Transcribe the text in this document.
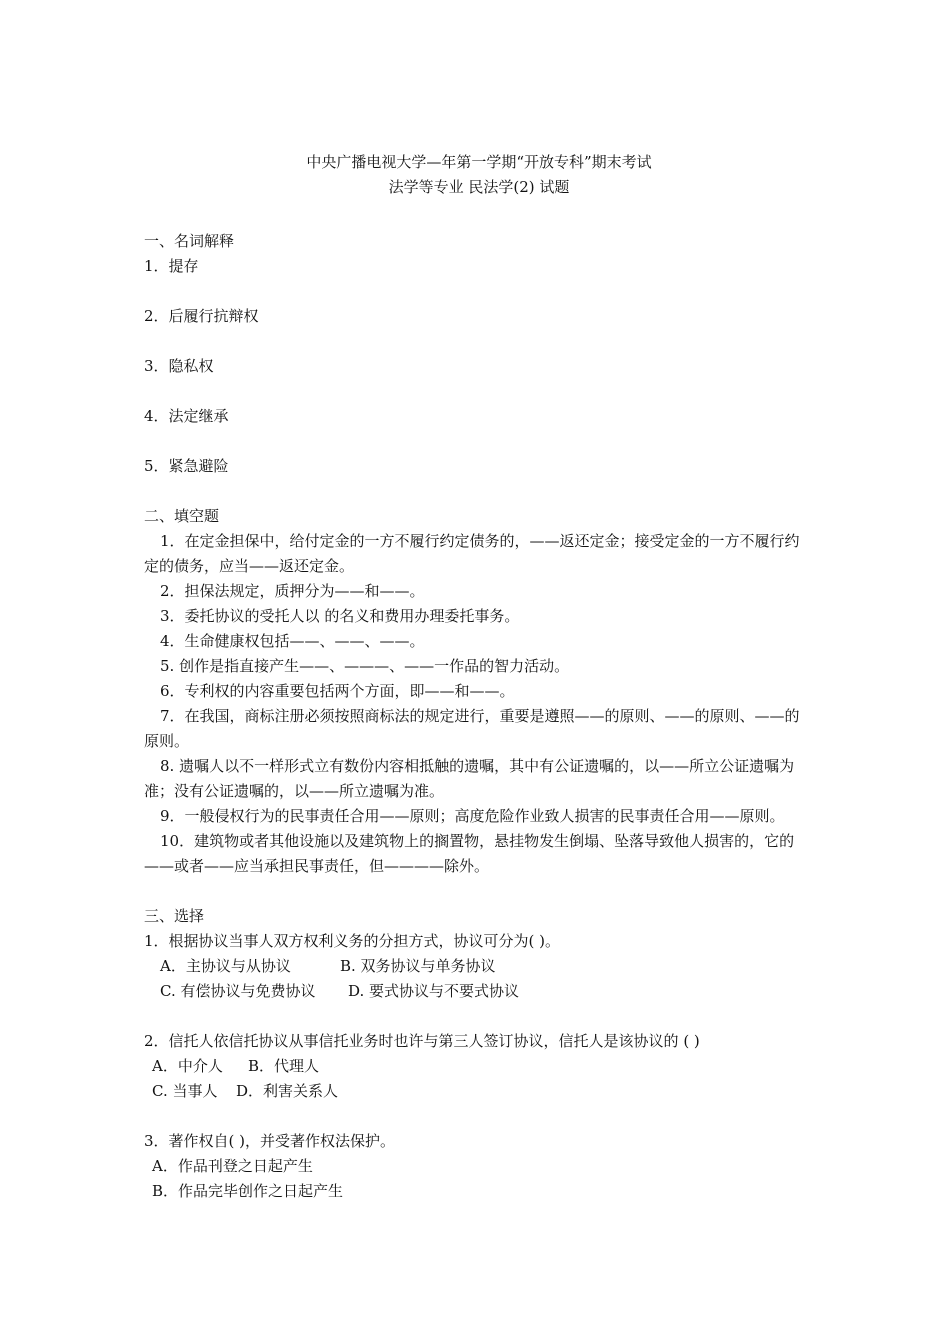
中央广播电视大学—年第一学期“开放专科”期末考试
法学等专业 民法学(2) 试题
一、名词解释
1．提存
2．后履行抗辩权
3．隐私权
4．法定继承
5．紧急避险
二、填空题
1．在定金担保中，给付定金的一方不履行约定债务的，——返还定金；接受定金的一方不履行约定的债务，应当——返还定金。
2．担保法规定，质押分为——和——。
3．委托协议的受托人以 的名义和费用办理委托事务。
4．生命健康权包括——、——、——。
5. 创作是指直接产生——、———、——一作品的智力活动。
6．专利权的内容重要包括两个方面，即——和——。
7．在我国，商标注册必须按照商标法的规定进行，重要是遵照——的原则、——的原则、——的原则。
8. 遗嘱人以不一样形式立有数份内容相抵触的遗嘱，其中有公证遗嘱的，以——所立公证遗嘱为准；没有公证遗嘱的，以——所立遗嘱为准。
9．一般侵权行为的民事责任合用——原则；高度危险作业致人损害的民事责任合用——原则。
10．建筑物或者其他设施以及建筑物上的搁置物，悬挂物发生倒塌、坠落导致他人损害的，它的——或者——应当承担民事责任，但————除外。
三、选择
1．根据协议当事人双方权利义务的分担方式，协议可分为( )。
A．主协议与从协议	B. 双务协议与单务协议
C. 有偿协议与免费协议 D. 要式协议与不要式协议
2．信托人依信托协议从事信托业务时也许与第三人签订协议，信托人是该协议的 ( )
A．中介人 B．代理人
C. 当事人 D．利害关系人
3．著作权自( )，并受著作权法保护。
A．作品刊登之日起产生
B．作品完毕创作之日起产生
